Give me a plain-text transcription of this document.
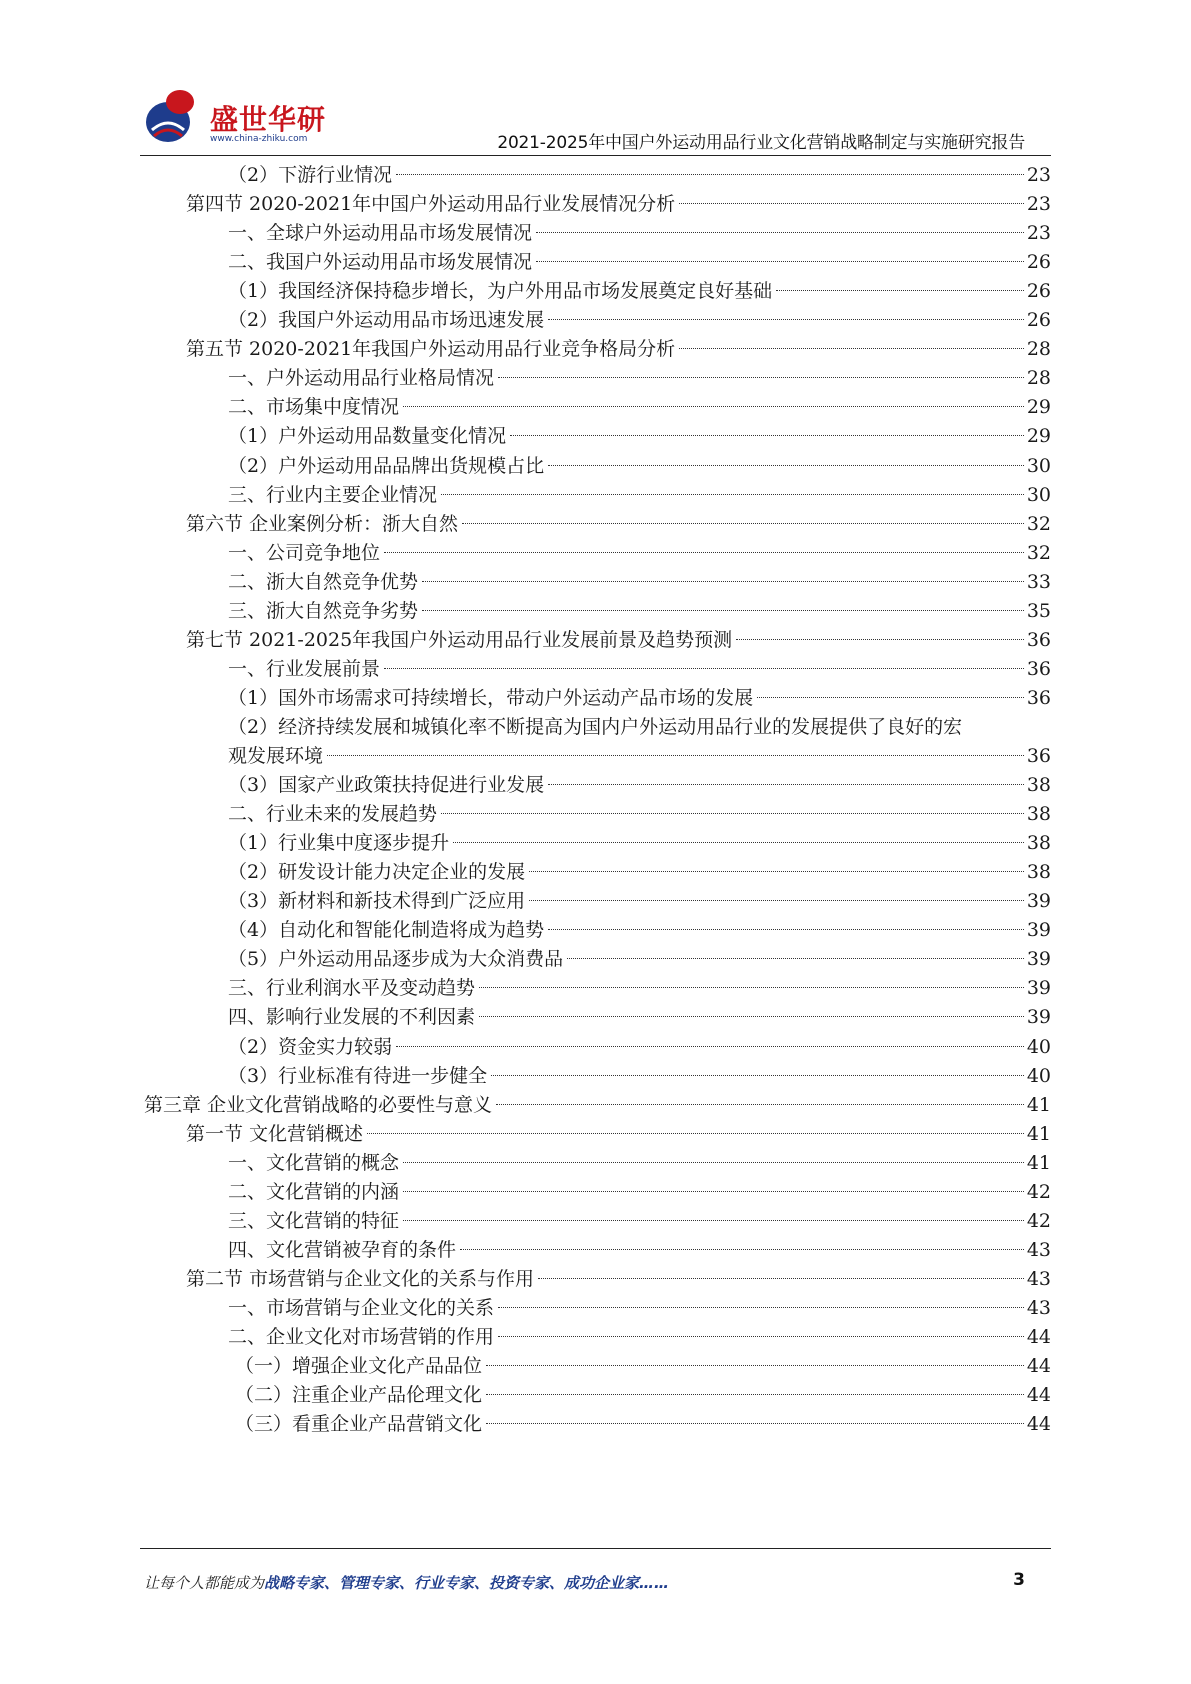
盛世华研
www.china-zhiku.com	2021-2025年中国户外运动用品行业文化营销战略制定与实施研究报告
（2）下游行业情况	23
第四节 2020-2021年中国户外运动用品行业发展情况分析	23
一、全球户外运动用品市场发展情况	23
二、我国户外运动用品市场发展情况	26
（1）我国经济保持稳步增长，为户外用品市场发展奠定良好基础	26
（2）我国户外运动用品市场迅速发展	26
第五节 2020-2021年我国户外运动用品行业竞争格局分析	28
一、户外运动用品行业格局情况	28
二、市场集中度情况	29
（1）户外运动用品数量变化情况	29
（2）户外运动用品品牌出货规模占比	30
三、行业内主要企业情况	30
第六节 企业案例分析：浙大自然	32
一、公司竞争地位	32
二、浙大自然竞争优势	33
三、浙大自然竞争劣势	35
第七节 2021-2025年我国户外运动用品行业发展前景及趋势预测	36
一、行业发展前景	36
（1）国外市场需求可持续增长，带动户外运动产品市场的发展	36
（2）经济持续发展和城镇化率不断提高为国内户外运动用品行业的发展提供了良好的宏
观发展环境	36
（3）国家产业政策扶持促进行业发展	38
二、行业未来的发展趋势	38
（1）行业集中度逐步提升	38
（2）研发设计能力决定企业的发展	38
（3）新材料和新技术得到广泛应用	39
（4）自动化和智能化制造将成为趋势	39
（5）户外运动用品逐步成为大众消费品	39
三、行业利润水平及变动趋势	39
四、影响行业发展的不利因素	39
（2）资金实力较弱	40
（3）行业标准有待进一步健全	40
第三章 企业文化营销战略的必要性与意义	41
第一节 文化营销概述	41
一、文化营销的概念	41
二、文化营销的内涵	42
三、文化营销的特征	42
四、文化营销被孕育的条件	43
第二节 市场营销与企业文化的关系与作用	43
一、市场营销与企业文化的关系	43
二、企业文化对市场营销的作用	44
（一）增强企业文化产品品位	44
（二）注重企业产品伦理文化	44
（三）看重企业产品营销文化	44
让每个人都能成为战略专家、管理专家、行业专家、投资专家、成功企业家……	3
